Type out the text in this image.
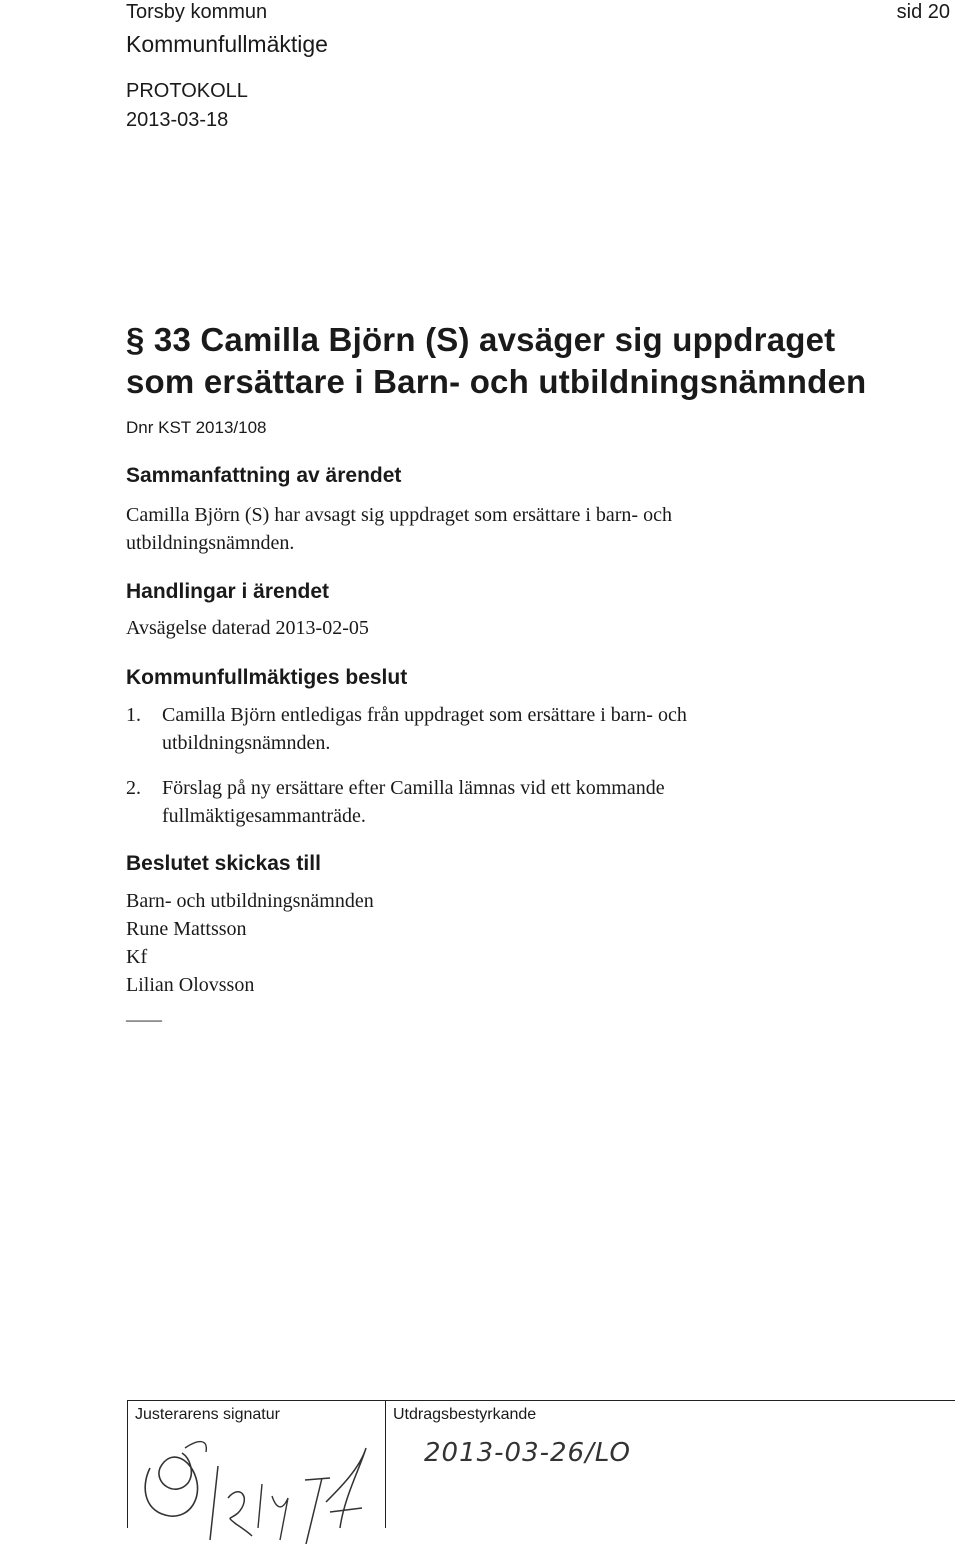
Torsby kommun
Kommunfullmäktige
PROTOKOLL
2013-03-18
sid 20
§ 33 Camilla Björn (S) avsäger sig uppdraget
som ersättare i Barn- och utbildningsnämnden
Dnr KST 2013/108
Sammanfattning av ärendet
Camilla Björn (S) har avsagt sig uppdraget som ersättare i barn- och
utbildningsnämnden.
Handlingar i ärendet
Avsägelse daterad 2013-02-05
Kommunfullmäktiges beslut
1. Camilla Björn entledigas från uppdraget som ersättare i barn- och
utbildningsnämnden.
2. Förslag på ny ersättare efter Camilla lämnas vid ett kommande
fullmäktigesammanträde.
Beslutet skickas till
Barn- och utbildningsnämnden
Rune Mattsson
Kf
Lilian Olovsson
____
Justerarens signatur	Utdragsbestyrkande
2013-03-26/LO
